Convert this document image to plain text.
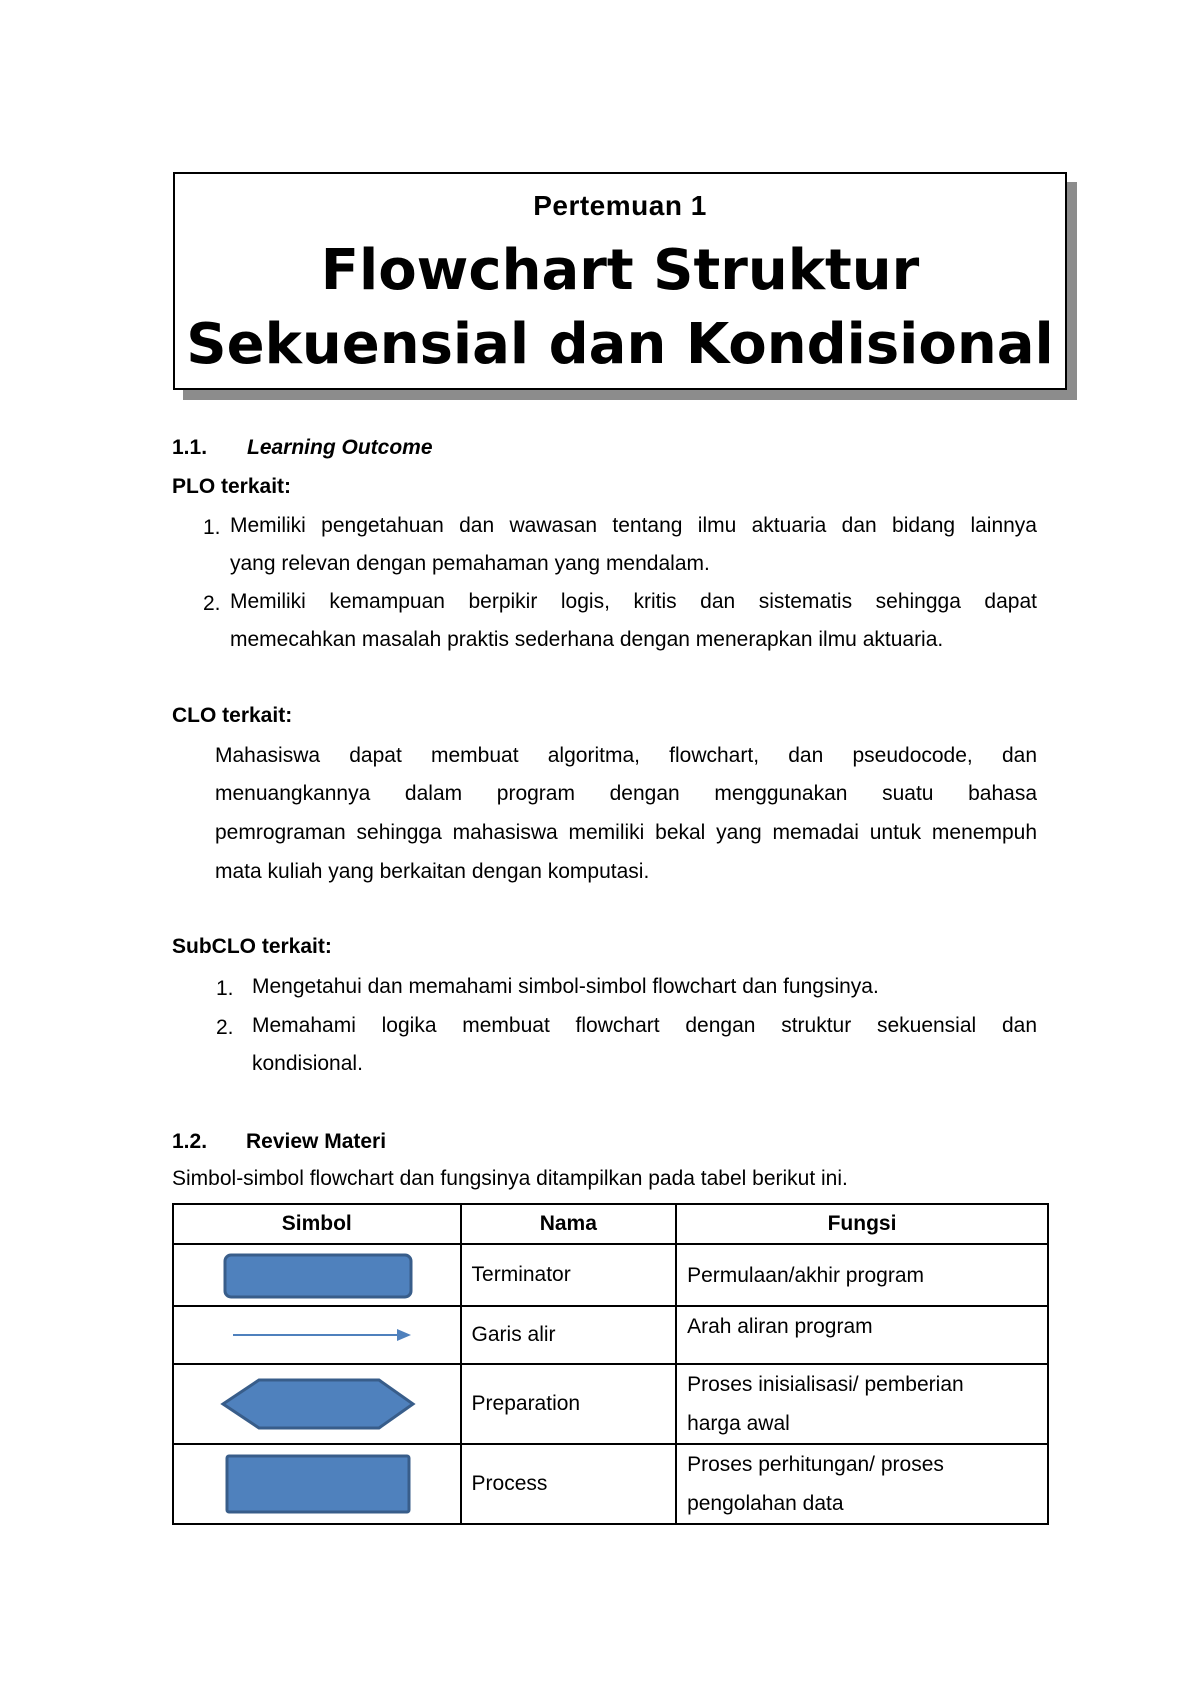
Pertemuan 1
Flowchart Struktur
Sekuensial dan Kondisional
1.1. Learning Outcome
PLO terkait:
1. Memiliki pengetahuan dan wawasan tentang ilmu aktuaria dan bidang lainnya
yang relevan dengan pemahaman yang mendalam.
2. Memiliki kemampuan berpikir logis, kritis dan sistematis sehingga dapat
memecahkan masalah praktis sederhana dengan menerapkan ilmu aktuaria.
CLO terkait:
Mahasiswa dapat membuat algoritma, flowchart, dan pseudocode, dan
menuangkannya dalam program dengan menggunakan suatu bahasa
pemrograman sehingga mahasiswa memiliki bekal yang memadai untuk menempuh
mata kuliah yang berkaitan dengan komputasi.
SubCLO terkait:
1. Mengetahui dan memahami simbol-simbol flowchart dan fungsinya.
2. Memahami logika membuat flowchart dengan struktur sekuensial dan
kondisional.
1.2. Review Materi
Simbol-simbol flowchart dan fungsinya ditampilkan pada tabel berikut ini.
Simbol	Nama	Fungsi

	Terminator	Permulaan/akhir program

	Garis alir	Arah aliran program

	Preparation	Proses inisialisasi/ pemberian
harga awal

	Process	Proses perhitungan/ proses
pengolahan data
